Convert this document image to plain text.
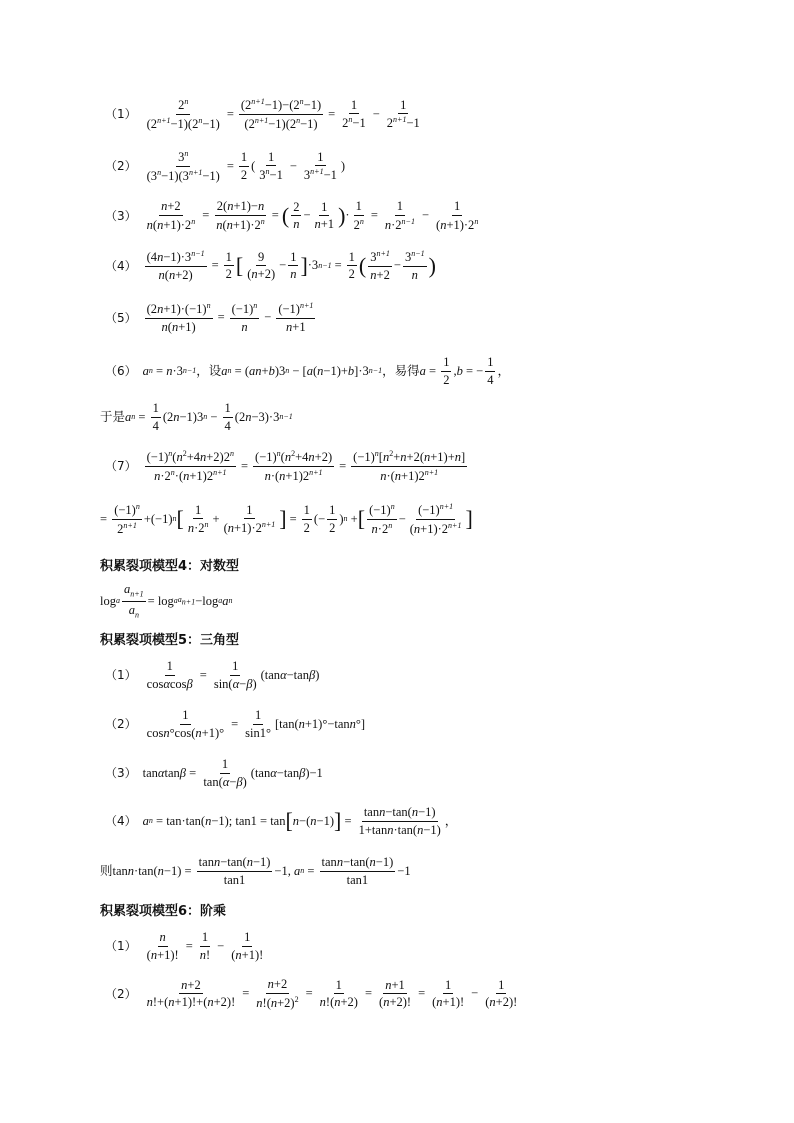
$(1) \frac{2^n}{(2^{n+1}-1)(2^n-1)} = \frac{(2^{n+1}-1)-(2^n-1)}{(2^{n+1}-1)(2^n-1)} = \frac{1}{2^n-1} - \frac{1}{2^{n+1}-1}$
$(2) \frac{3^n}{(3^n-1)(3^{n+1}-1)} = \frac{1}{2}$ ( $\frac{1}{3^n-1} - \frac{1}{3^{n+1}-1}$ )
$(3) \frac{n+2}{n(n+1)\cdot 2^n} = \frac{2(n+1)-n}{n(n+1)\cdot 2^n}$ = ( $\frac{2}{n} - \frac{1}{n+1}$ ) · $\frac{1}{2^n} = \frac{1}{n\cdot 2^{n-1}} - \frac{1}{(n+1)\cdot 2^n}$
$(4) \frac{(4n-1)\cdot 3^{n-1}}{n(n+2)} = \frac{1}{2}$ [ $\frac{9}{(n+2)} - \frac{1}{n}$ ] ·3 $n-1 = \frac{1}{2}$ ( $\frac{3^{n+1}}{n+2} - \frac{3^{n-1}}{n}$ )
$(5) \frac{(2n+1)\cdot(-1)^n}{n(n+1)} = \frac{(-1)^n}{n} - \frac{(-1)^{n+1}}{n+1}$
（6） a n = n ·3 n−1 ，设 a n = ( an + b )3 n − [ a ( n −1)+ b ]·3 n−1 ，易得 $a = \frac{1}{2}$ , b = − $\frac{1}{4}$ ，
于是 a $n = \frac{1}{4} (2$ n −1)3 $n - \frac{1}{4} (2$ n −3)·3 n−1
$(7) \frac{(-1)^n(n^2+4n+2)2^n}{n\cdot 2^n\cdot(n+1)2^{n+1}} = \frac{(-1)^n(n^2+4n+2)}{n\cdot(n+1)2^{n+1}} = \frac{(-1)^n[n^2+n+2(n+1)+n]}{n\cdot(n+1)2^{n+1}}$
= $\frac{(-1)^n}{2^{n+1}} +(-1)$ n [ $\frac{1}{n\cdot 2^n} + \frac{1}{(n+1)\cdot 2^{n+1}}$ ] = $\frac{1}{2}$ (− $\frac{1}{2}$ ) n + [ $\frac{(-1)^n}{n\cdot 2^n} - \frac{(-1)^{n+1}}{(n+1)\cdot 2^{n+1}}$ ]
积累裂项模型4：对数型
log a $\frac{a_{n+1}}{a_n} = \log a$ $a_{n+1} -\log$ a a n
积累裂项模型5：三角型
$(1) \frac{1}{\cos\alpha\cos\beta} = \frac{1}{\sin(\alpha-\beta)} (\tan$ α −tan β )
$(2) \frac{1}{\cos n^\circ\cos(n+1)^\circ} = \frac{1}{\sin 1^\circ} [\tan$( n +1)°−tan n °]
（3） tan α $\tan \beta = \frac{1}{\tan(\alpha-\beta)} (\tan$ α −tan β )−1
（4） a n = tan·tan( n −1); tan1 = tan [ n −( n −1) ] = $\frac{\tan n-\tan(n-1)}{1+\tan n\cdot\tan(n-1)}$ ，
则 tan n ·tan( $n -1) = \frac{\tan n-\tan(n-1)}{\tan 1} -1$, a $n = \frac{\tan n-\tan(n-1)}{\tan 1} -1$
积累裂项模型6：阶乘
$(1) \frac{n}{(n+1)!} = \frac{1}{n!} - \frac{1}{(n+1)!}$
$(2) \frac{n+2}{n!+(n+1)!+(n+2)!} = \frac{n+2}{n!(n+2)^2} = \frac{1}{n!(n+2)} = \frac{n+1}{(n+2)!} = \frac{1}{(n+1)!} - \frac{1}{(n+2)!}$
